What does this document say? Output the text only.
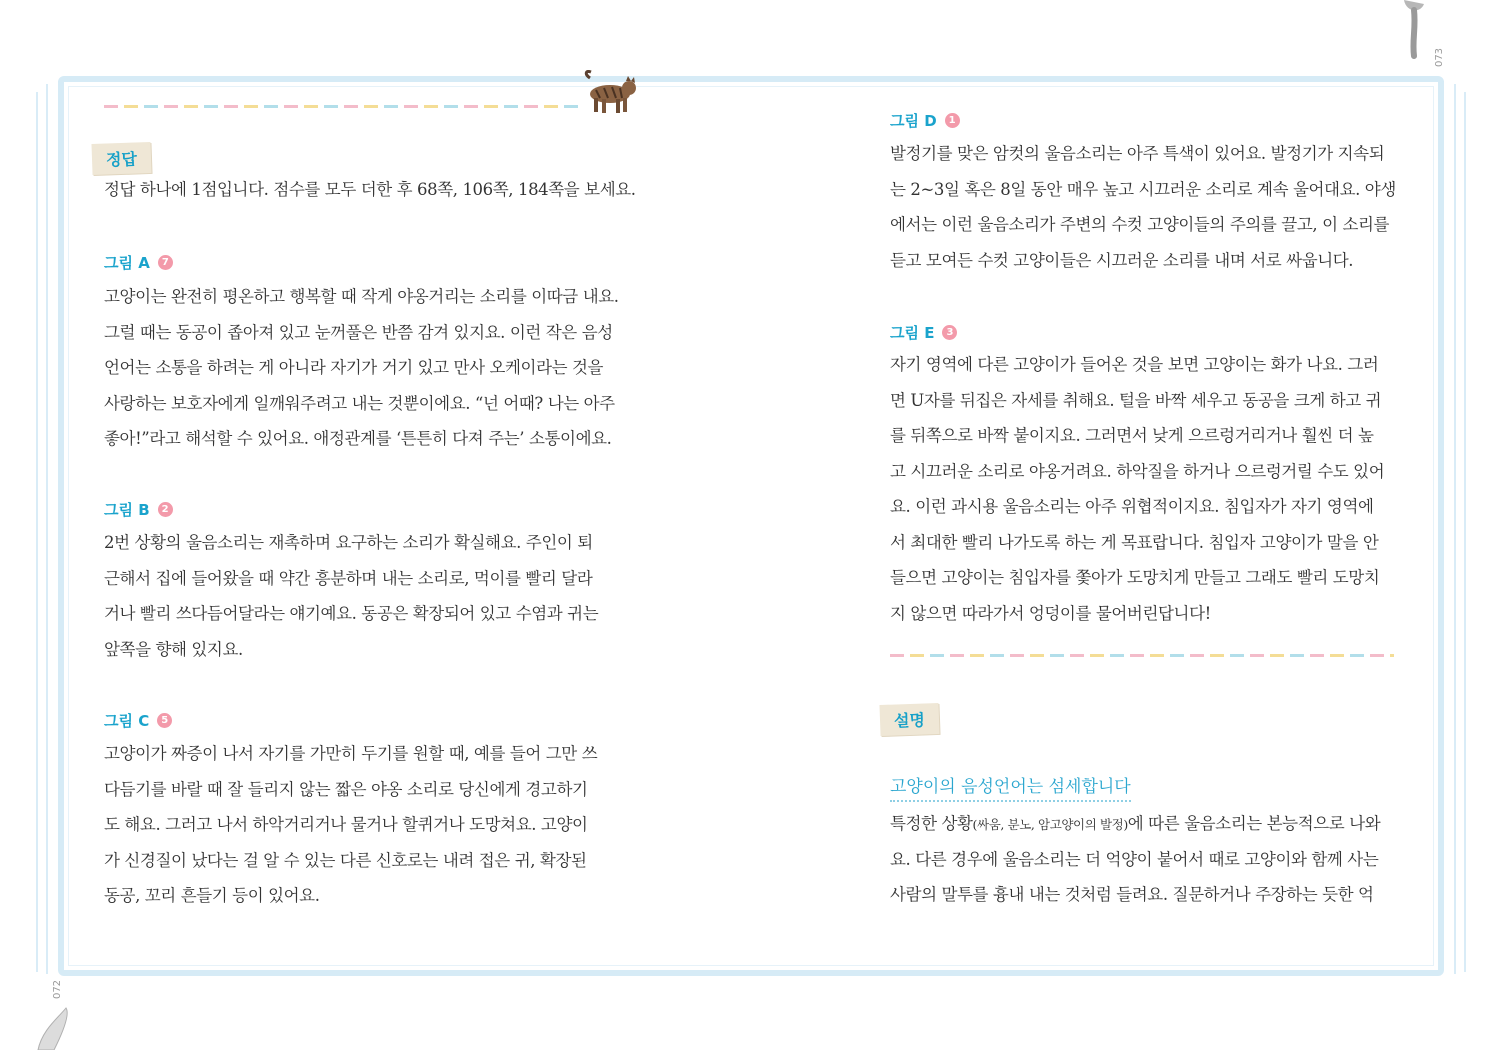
정답
정답 하나에 1점입니다. 점수를 모두 더한 후 68쪽, 106쪽, 184쪽을 보세요.
그림 A	7
고양이는 완전히 평온하고 행복할 때 작게 야옹거리는 소리를 이따금 내요.
그럴 때는 동공이 좁아져 있고 눈꺼풀은 반쯤 감겨 있지요. 이런 작은 음성
언어는 소통을 하려는 게 아니라 자기가 거기 있고 만사 오케이라는 것을
사랑하는 보호자에게 일깨워주려고 내는 것뿐이에요. “넌 어때? 나는 아주
좋아!”라고 해석할 수 있어요. 애정관계를 ‘튼튼히 다져 주는’ 소통이에요.
그림 B	2
2번 상황의 울음소리는 재촉하며 요구하는 소리가 확실해요. 주인이 퇴
근해서 집에 들어왔을 때 약간 흥분하며 내는 소리로, 먹이를 빨리 달라
거나 빨리 쓰다듬어달라는 얘기예요. 동공은 확장되어 있고 수염과 귀는
앞쪽을 향해 있지요.
그림 C	5
고양이가 짜증이 나서 자기를 가만히 두기를 원할 때, 예를 들어 그만 쓰
다듬기를 바랄 때 잘 들리지 않는 짧은 야옹 소리로 당신에게 경고하기
도 해요. 그러고 나서 하악거리거나 물거나 할퀴거나 도망쳐요. 고양이
가 신경질이 났다는 걸 알 수 있는 다른 신호로는 내려 접은 귀, 확장된
동공, 꼬리 흔들기 등이 있어요.
072
그림 D	1
발정기를 맞은 암컷의 울음소리는 아주 특색이 있어요. 발정기가 지속되
는 2~3일 혹은 8일 동안 매우 높고 시끄러운 소리로 계속 울어대요. 야생
에서는 이런 울음소리가 주변의 수컷 고양이들의 주의를 끌고, 이 소리를
듣고 모여든 수컷 고양이들은 시끄러운 소리를 내며 서로 싸웁니다.
그림 E	3
자기 영역에 다른 고양이가 들어온 것을 보면 고양이는 화가 나요. 그러
면 U자를 뒤집은 자세를 취해요. 털을 바짝 세우고 동공을 크게 하고 귀
를 뒤쪽으로 바짝 붙이지요. 그러면서 낮게 으르렁거리거나 훨씬 더 높
고 시끄러운 소리로 야옹거려요. 하악질을 하거나 으르렁거릴 수도 있어
요. 이런 과시용 울음소리는 아주 위협적이지요. 침입자가 자기 영역에
서 최대한 빨리 나가도록 하는 게 목표랍니다. 침입자 고양이가 말을 안
들으면 고양이는 침입자를 쫓아가 도망치게 만들고 그래도 빨리 도망치
지 않으면 따라가서 엉덩이를 물어버린답니다!
설명
고양이의 음성언어는 섬세합니다
특정한 상황(싸움, 분노, 암고양이의 발정)에 따른 울음소리는 본능적으로 나와
요. 다른 경우에 울음소리는 더 억양이 붙어서 때로 고양이와 함께 사는
사람의 말투를 흉내 내는 것처럼 들려요. 질문하거나 주장하는 듯한 억
073
